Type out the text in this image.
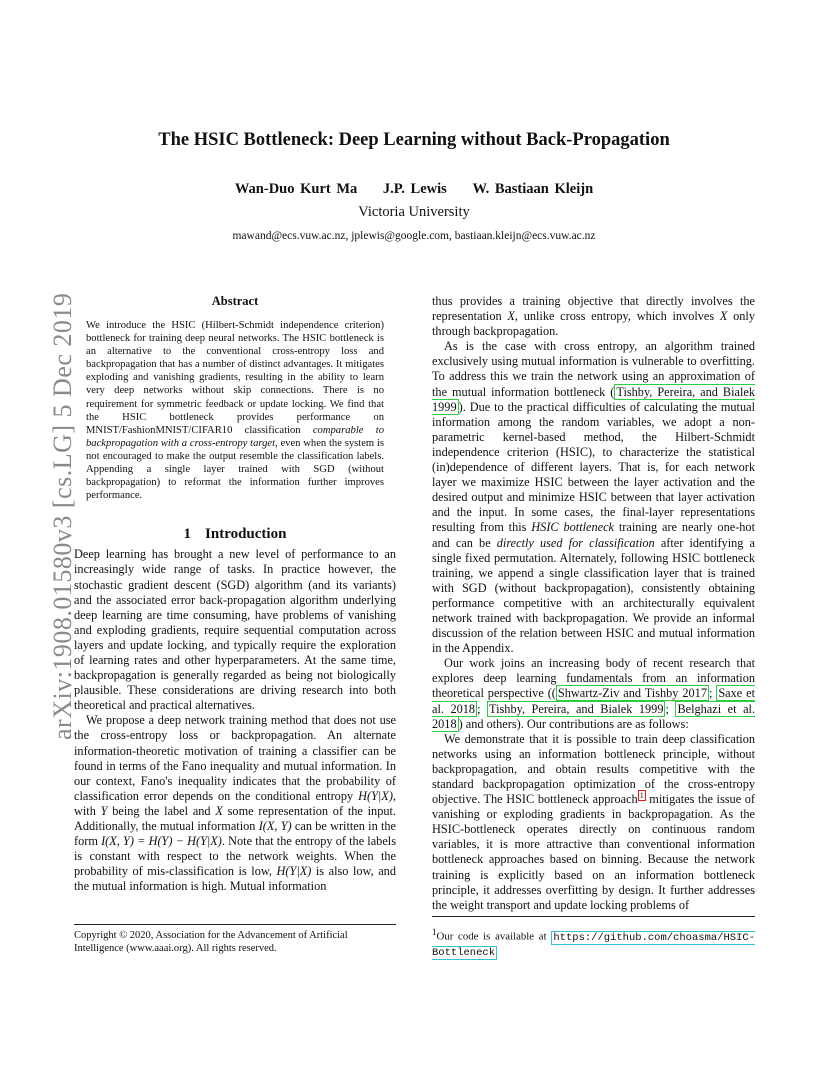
arXiv:1908.01580v3 [cs.LG] 5 Dec 2019
The HSIC Bottleneck: Deep Learning without Back-Propagation
Wan-Duo Kurt Ma J.P. Lewis W. Bastiaan Kleijn
Victoria University
mawand@ecs.vuw.ac.nz, jplewis@google.com, bastiaan.kleijn@ecs.vuw.ac.nz
Abstract
We introduce the HSIC (Hilbert-Schmidt independence criterion) bottleneck for training deep neural networks. The HSIC bottleneck is an alternative to the conventional cross-entropy loss and backpropagation that has a number of distinct advantages. It mitigates exploding and vanishing gradients, resulting in the ability to learn very deep networks without skip connections. There is no requirement for symmetric feedback or update locking. We find that the HSIC bottleneck provides performance on MNIST/FashionMNIST/CIFAR10 classification comparable to backpropagation with a cross-entropy target, even when the system is not encouraged to make the output resemble the classification labels. Appending a single layer trained with SGD (without backpropagation) to reformat the information further improves performance.
1 Introduction

Deep learning has brought a new level of performance to an increasingly wide range of tasks. In practice however, the stochastic gradient descent (SGD) algorithm (and its variants) and the associated error back-propagation algorithm underlying deep learning are time consuming, have problems of vanishing and exploding gradients, require sequential computation across layers and update locking, and typically require the exploration of learning rates and other hyperparameters. At the same time, backpropagation is generally regarded as being not biologically plausible. These considerations are driving research into both theoretical and practical alternatives.

We propose a deep network training method that does not use the cross-entropy loss or backpropagation. An alternate information-theoretic motivation of training a classifier can be found in terms of the Fano inequality and mutual information. In our context, Fano's inequality indicates that the probability of classification error depends on the conditional entropy H(Y|X), with Y being the label and X some representation of the input. Additionally, the mutual information I(X, Y) can be written in the form I(X, Y) = H(Y) − H(Y|X). Note that the entropy of the labels is constant with respect to the network weights. When the probability of mis-classification is low, H(Y|X) is also low, and the mutual information is high. Mutual information

Copyright © 2020, Association for the Advancement of Artificial Intelligence (www.aaai.org). All rights reserved.

thus provides a training objective that directly involves the representation X, unlike cross entropy, which involves X only through backpropagation.

As is the case with cross entropy, an algorithm trained exclusively using mutual information is vulnerable to overfitting. To address this we train the network using an approximation of the mutual information bottleneck ( Tishby, Pereira, and Bialek 1999 ). Due to the practical difficulties of calculating the mutual information among the random variables, we adopt a non-parametric kernel-based method, the Hilbert-Schmidt independence criterion (HSIC), to characterize the statistical (in)dependence of different layers. That is, for each network layer we maximize HSIC between the layer activation and the desired output and minimize HSIC between that layer activation and the input. In some cases, the final-layer representations resulting from this HSIC bottleneck training are nearly one-hot and can be directly used for classification after identifying a single fixed permutation. Alternately, following HSIC bottleneck training, we append a single classification layer that is trained with SGD (without backpropagation), consistently obtaining performance competitive with an architecturally equivalent network trained with backpropagation. We provide an informal discussion of the relation between HSIC and mutual information in the Appendix.

Our work joins an increasing body of recent research that explores deep learning fundamentals from an information theoretical perspective (( Shwartz-Ziv and Tishby 2017 ; Saxe et al. 2018 ; Tishby, Pereira, and Bialek 1999 ; Belghazi et al. 2018 ) and others). Our contributions are as follows:

We demonstrate that it is possible to train deep classification networks using an information bottleneck principle, without backpropagation, and obtain results competitive with the standard backpropagation optimization of the cross-entropy objective. The HSIC bottleneck approach $^1$ mitigates the issue of vanishing or exploding gradients in backpropagation. As the HSIC-bottleneck operates directly on continuous random variables, it is more attractive than conventional information bottleneck approaches based on binning. Because the network training is explicitly based on an information bottleneck principle, it addresses overfitting by design. It further addresses the weight transport and update locking problems of

$^1$Our code is available at https://github.com/choasma/HSIC-Bottleneck
